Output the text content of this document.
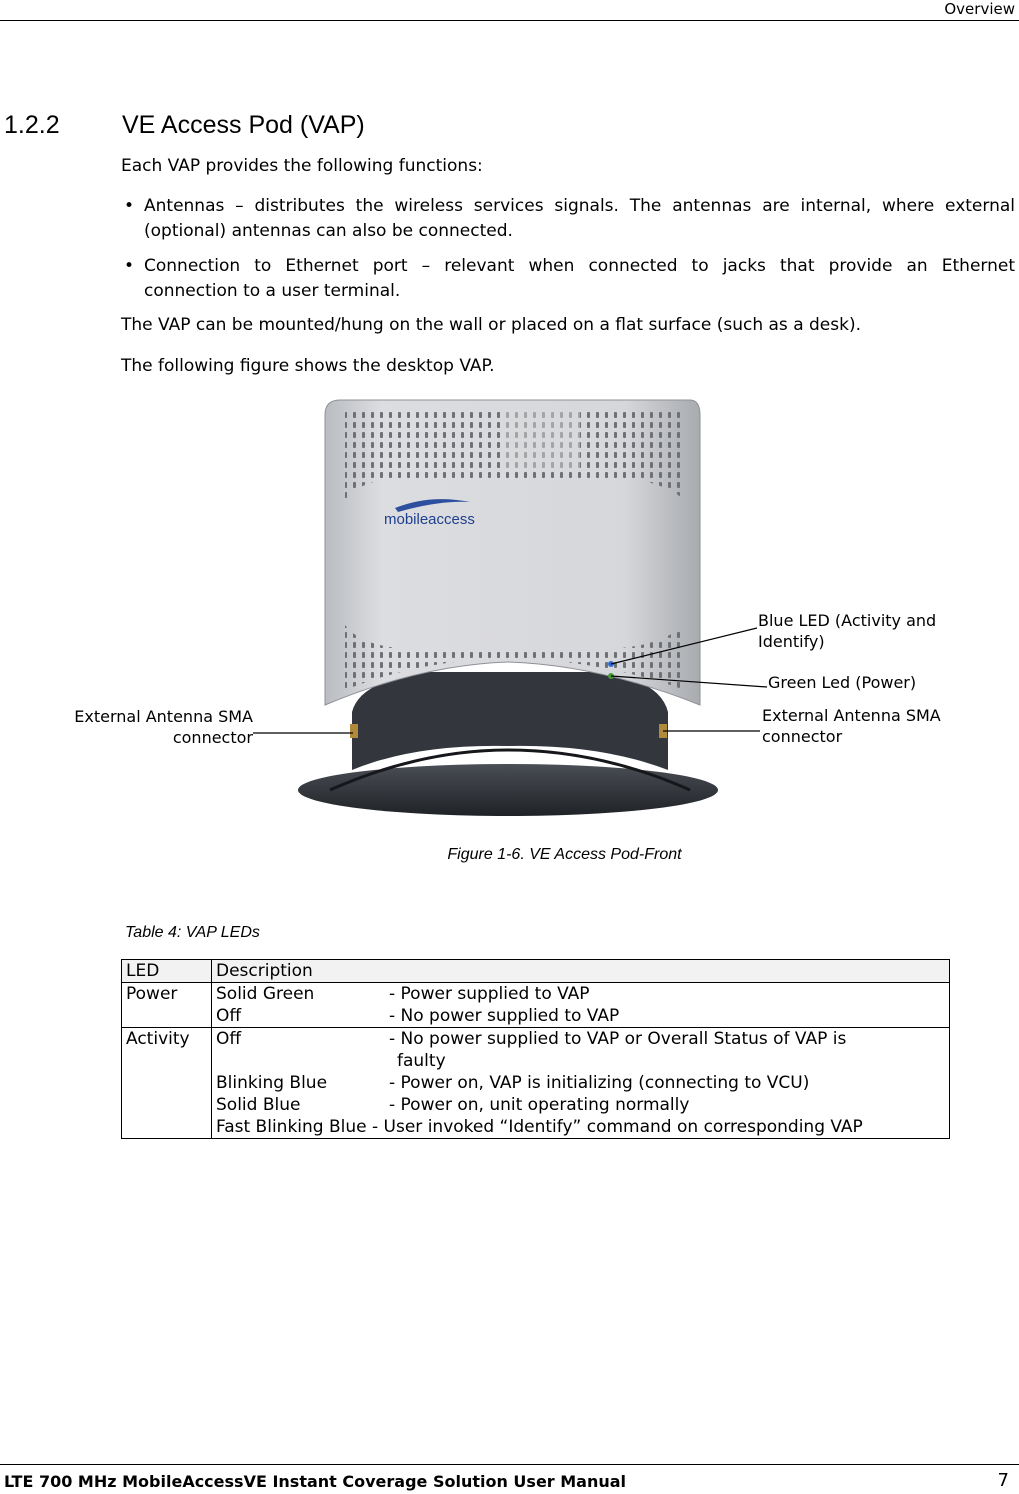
Overview
1.2.2 VE Access Pod (VAP)
Each VAP provides the following functions:
• Antennas – distributes the wireless services signals. The antennas are internal, where external
(optional) antennas can also be connected.
• Connection to Ethernet port – relevant when connected to jacks that provide an Ethernet
connection to a user terminal.
The VAP can be mounted/hung on the wall or placed on a flat surface (such as a desk).
The following figure shows the desktop VAP.
mobileaccess
Blue LED (Activity and
Identify)
Green Led (Power)
External Antenna SMA
connector
External Antenna SMA
connector
Figure 1-6. VE Access Pod-Front
Table 4: VAP LEDs
LED	Description
Power	Solid Green - Power supplied to VAP
Off - No power supplied to VAP

Activity	Off - No power supplied to VAP or Overall Status of VAP is
faulty
Blinking Blue - Power on, VAP is initializing (connecting to VCU)
Solid Blue - Power on, unit operating normally
Fast Blinking Blue - User invoked “Identify” command on corresponding VAP
LTE 700 MHz MobileAccessVE Instant Coverage Solution User Manual	7
